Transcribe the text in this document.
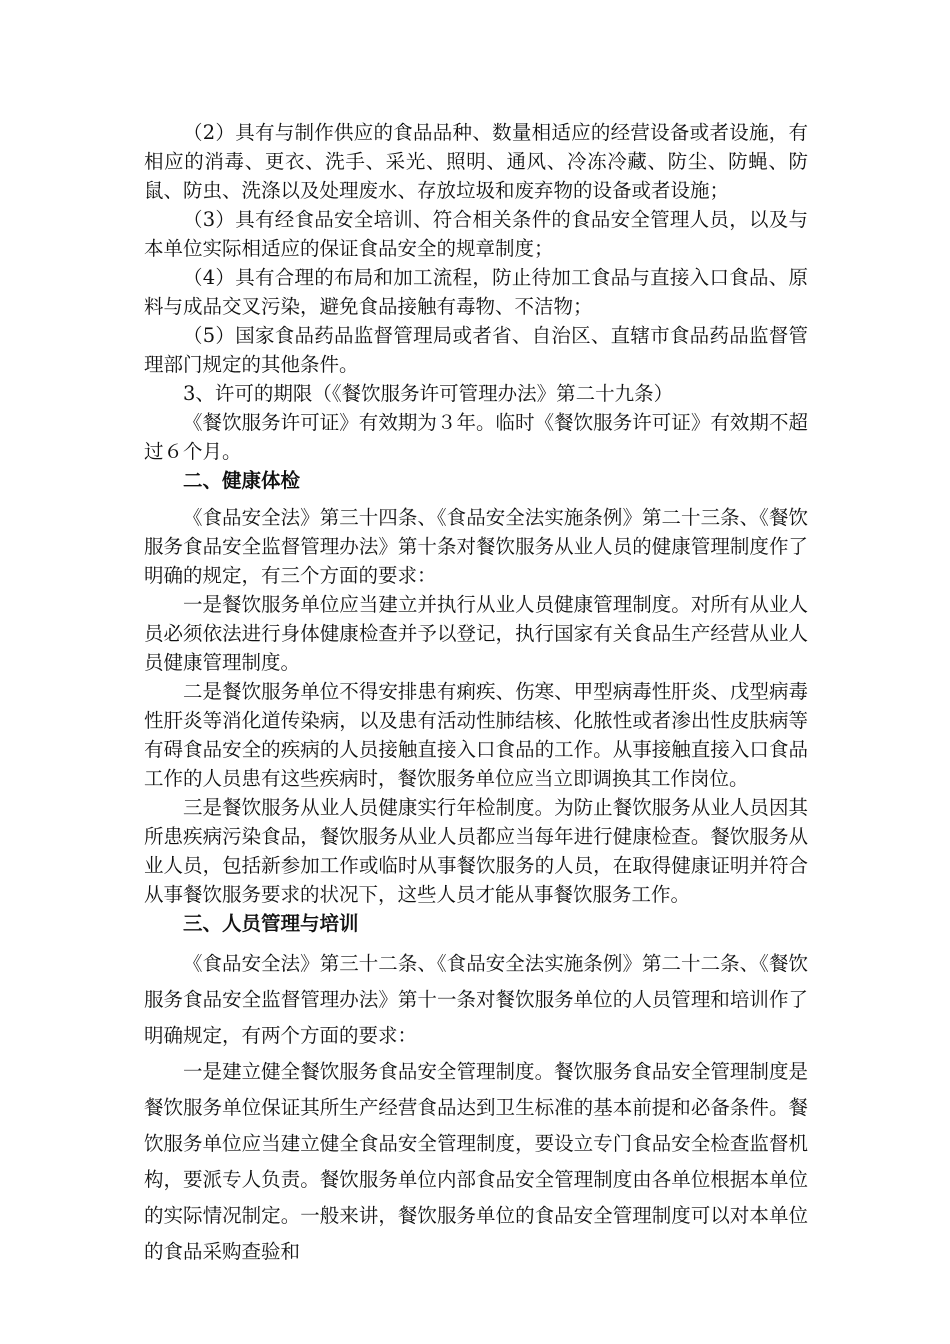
（2）具有与制作供应的食品品种、数量相适应的经营设备或者设施，有相应的消毒、更衣、洗手、采光、照明、通风、冷冻冷藏、防尘、防蝇、防鼠、防虫、洗涤以及处理废水、存放垃圾和废弃物的设备或者设施；

（3）具有经食品安全培训、符合相关条件的食品安全管理人员，以及与本单位实际相适应的保证食品安全的规章制度；

（4）具有合理的布局和加工流程，防止待加工食品与直接入口食品、原料与成品交叉污染，避免食品接触有毒物、不洁物；

（5）国家食品药品监督管理局或者省、自治区、直辖市食品药品监督管理部门规定的其他条件。

3、许可的期限（《餐饮服务许可管理办法》第二十九条）

《餐饮服务许可证》有效期为３年。临时《餐饮服务许可证》有效期不超过６个月。

二、健康体检

《食品安全法》第三十四条、《食品安全法实施条例》第二十三条、《餐饮服务食品安全监督管理办法》第十条对餐饮服务从业人员的健康管理制度作了明确的规定，有三个方面的要求：

一是餐饮服务单位应当建立并执行从业人员健康管理制度。对所有从业人员必须依法进行身体健康检查并予以登记，执行国家有关食品生产经营从业人员健康管理制度。

二是餐饮服务单位不得安排患有痢疾、伤寒、甲型病毒性肝炎、戊型病毒性肝炎等消化道传染病，以及患有活动性肺结核、化脓性或者渗出性皮肤病等有碍食品安全的疾病的人员接触直接入口食品的工作。从事接触直接入口食品工作的人员患有这些疾病时，餐饮服务单位应当立即调换其工作岗位。

三是餐饮服务从业人员健康实行年检制度。为防止餐饮服务从业人员因其所患疾病污染食品，餐饮服务从业人员都应当每年进行健康检查。餐饮服务从业人员，包括新参加工作或临时从事餐饮服务的人员，在取得健康证明并符合从事餐饮服务要求的状况下，这些人员才能从事餐饮服务工作。

三、人员管理与培训

《食品安全法》第三十二条、《食品安全法实施条例》第二十二条、《餐饮服务食品安全监督管理办法》第十一条对餐饮服务单位的人员管理和培训作了明确规定，有两个方面的要求：

一是建立健全餐饮服务食品安全管理制度。餐饮服务食品安全管理制度是餐饮服务单位保证其所生产经营食品达到卫生标准的基本前提和必备条件。餐饮服务单位应当建立健全食品安全管理制度，要设立专门食品安全检查监督机构，要派专人负责。餐饮服务单位内部食品安全管理制度由各单位根据本单位的实际情况制定。一般来讲，餐饮服务单位的食品安全管理制度可以对本单位的食品采购查验和
